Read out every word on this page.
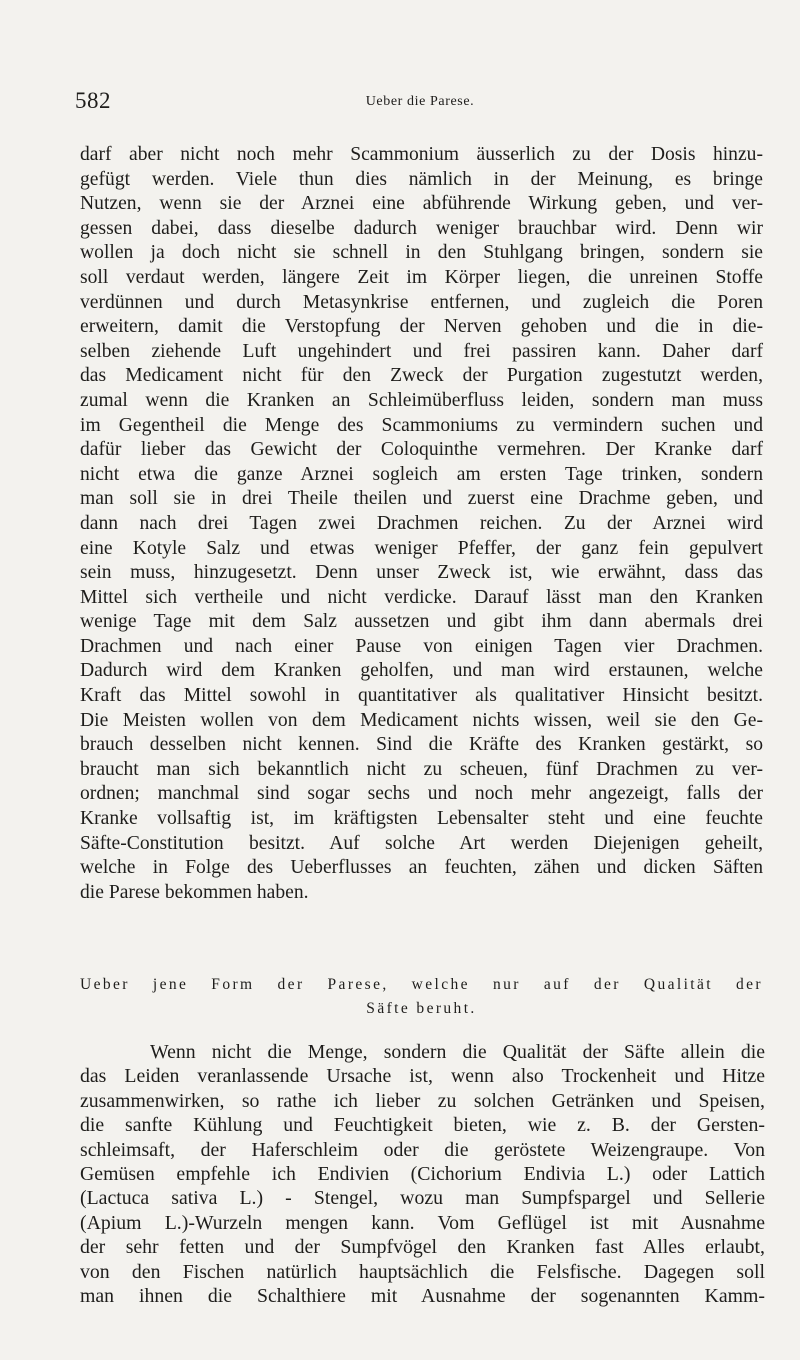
582	Ueber die Parese.
darf aber nicht noch mehr Scammonium äusserlich zu der Dosis hinzu-
gefügt werden. Viele thun dies nämlich in der Meinung, es bringe
Nutzen, wenn sie der Arznei eine abführende Wirkung geben, und ver-
gessen dabei, dass dieselbe dadurch weniger brauchbar wird. Denn wir
wollen ja doch nicht sie schnell in den Stuhlgang bringen, sondern sie
soll verdaut werden, längere Zeit im Körper liegen, die unreinen Stoffe
verdünnen und durch Metasynkrise entfernen, und zugleich die Poren
erweitern, damit die Verstopfung der Nerven gehoben und die in die-
selben ziehende Luft ungehindert und frei passiren kann. Daher darf
das Medicament nicht für den Zweck der Purgation zugestutzt werden,
zumal wenn die Kranken an Schleimüberfluss leiden, sondern man muss
im Gegentheil die Menge des Scammoniums zu vermindern suchen und
dafür lieber das Gewicht der Coloquinthe vermehren. Der Kranke darf
nicht etwa die ganze Arznei sogleich am ersten Tage trinken, sondern
man soll sie in drei Theile theilen und zuerst eine Drachme geben, und
dann nach drei Tagen zwei Drachmen reichen. Zu der Arznei wird
eine Kotyle Salz und etwas weniger Pfeffer, der ganz fein gepulvert
sein muss, hinzugesetzt. Denn unser Zweck ist, wie erwähnt, dass das
Mittel sich vertheile und nicht verdicke. Darauf lässt man den Kranken
wenige Tage mit dem Salz aussetzen und gibt ihm dann abermals drei
Drachmen und nach einer Pause von einigen Tagen vier Drachmen.
Dadurch wird dem Kranken geholfen, und man wird erstaunen, welche
Kraft das Mittel sowohl in quantitativer als qualitativer Hinsicht besitzt.
Die Meisten wollen von dem Medicament nichts wissen, weil sie den Ge-
brauch desselben nicht kennen. Sind die Kräfte des Kranken gestärkt, so
braucht man sich bekanntlich nicht zu scheuen, fünf Drachmen zu ver-
ordnen; manchmal sind sogar sechs und noch mehr angezeigt, falls der
Kranke vollsaftig ist, im kräftigsten Lebensalter steht und eine feuchte
Säfte-Constitution besitzt. Auf solche Art werden Diejenigen geheilt,
welche in Folge des Ueberflusses an feuchten, zähen und dicken Säften
die Parese bekommen haben.
Ueber jene Form der Parese, welche nur auf der Qualität der
Säfte beruht.
Wenn nicht die Menge, sondern die Qualität der Säfte allein die
das Leiden veranlassende Ursache ist, wenn also Trockenheit und Hitze
zusammenwirken, so rathe ich lieber zu solchen Getränken und Speisen,
die sanfte Kühlung und Feuchtigkeit bieten, wie z. B. der Gersten-
schleimsaft, der Haferschleim oder die geröstete Weizengraupe. Von
Gemüsen empfehle ich Endivien (Cichorium Endivia L.) oder Lattich
(Lactuca sativa L.) - Stengel, wozu man Sumpfspargel und Sellerie
(Apium L.)-Wurzeln mengen kann. Vom Geflügel ist mit Ausnahme
der sehr fetten und der Sumpfvögel den Kranken fast Alles erlaubt,
von den Fischen natürlich hauptsächlich die Felsfische. Dagegen soll
man ihnen die Schalthiere mit Ausnahme der sogenannten Kamm-
